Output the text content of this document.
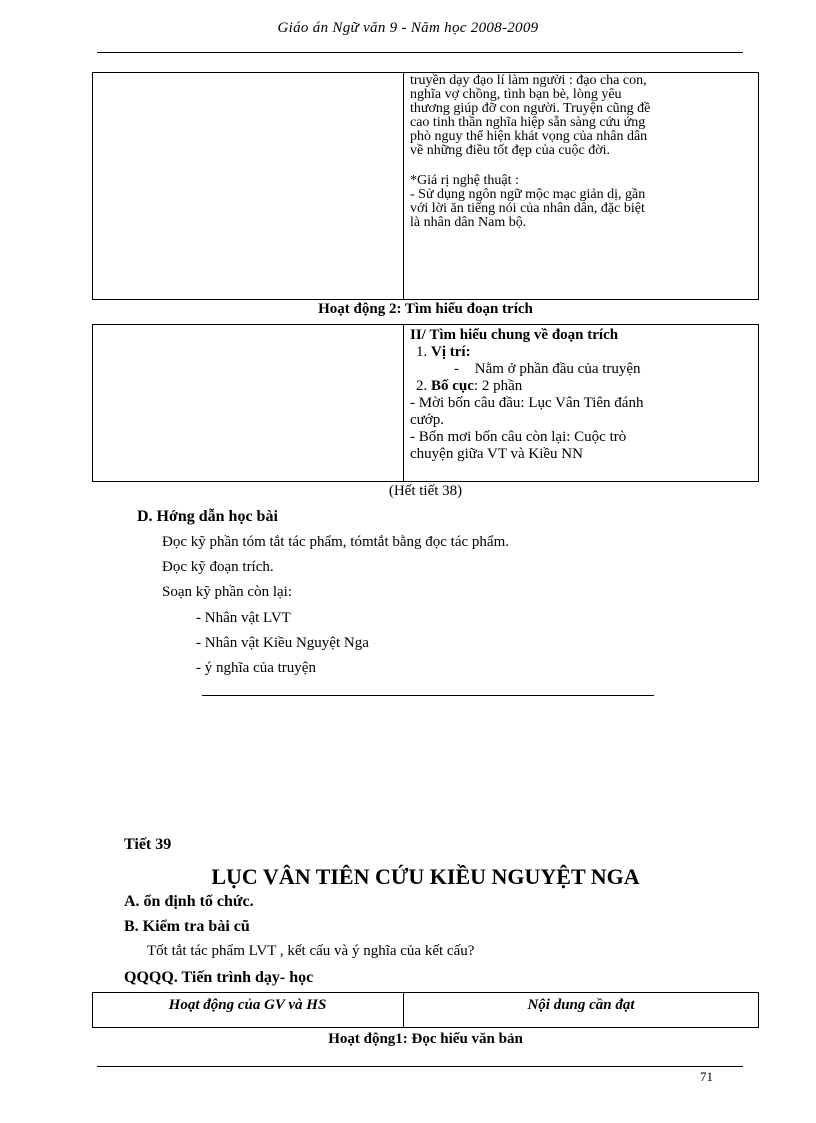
Giáo án Ngữ văn 9 - Năm học 2008-2009

truyền dạy đạo lí làm người : đạo cha con,

nghĩa vợ chồng, tình bạn bè, lòng yêu

thương giúp đỡ con người. Truyện cũng đề

cao tinh thần nghĩa hiệp sẵn sàng cứu ứng

phò nguy thể hiện khát vọng của nhân dân

về những điều tốt đẹp của cuộc đời.

*Giá rị nghệ thuật :

- Sử dụng ngôn ngữ mộc mạc giản dị, gần

với lời ăn tiếng nói của nhân dân, đặc biệt

là nhân dân Nam bộ.

Hoạt động 2: Tìm hiểu đoạn trích
II/ Tìm hiểu chung về đoạn trích
1. Vị trí:
- Nằm ở phần đầu của truyện
2. Bố cục: 2 phần
- Mời bốn câu đầu: Lục Vân Tiên đánh
cướp.
- Bốn mơi bốn câu còn lại: Cuộc trò
chuyện giữa VT và Kiều NN
(Hết tiết 38)
D. Hớng dẫn học bài
Đọc kỹ phần tóm tắt tác phẩm, tómtắt bằng đọc tác phẩm.
Đọc kỹ đoạn trích.
Soạn kỹ phần còn lại:
- Nhân vật LVT
- Nhân vật Kiều Nguyệt Nga
- ý nghĩa của truyện
Tiết 39
LỤC VÂN TIÊN CỨU KIỀU NGUYỆT NGA
A. ổn định tổ chức.
B. Kiểm tra bài cũ
Tốt tắt tác phẩm LVT , kết cấu và ý nghĩa của kết cấu?
QQQQ. Tiến trình dạy- học
Hoạt động của GV và HS	Nội dung cần đạt
Hoạt động1: Đọc hiểu văn bản
71
